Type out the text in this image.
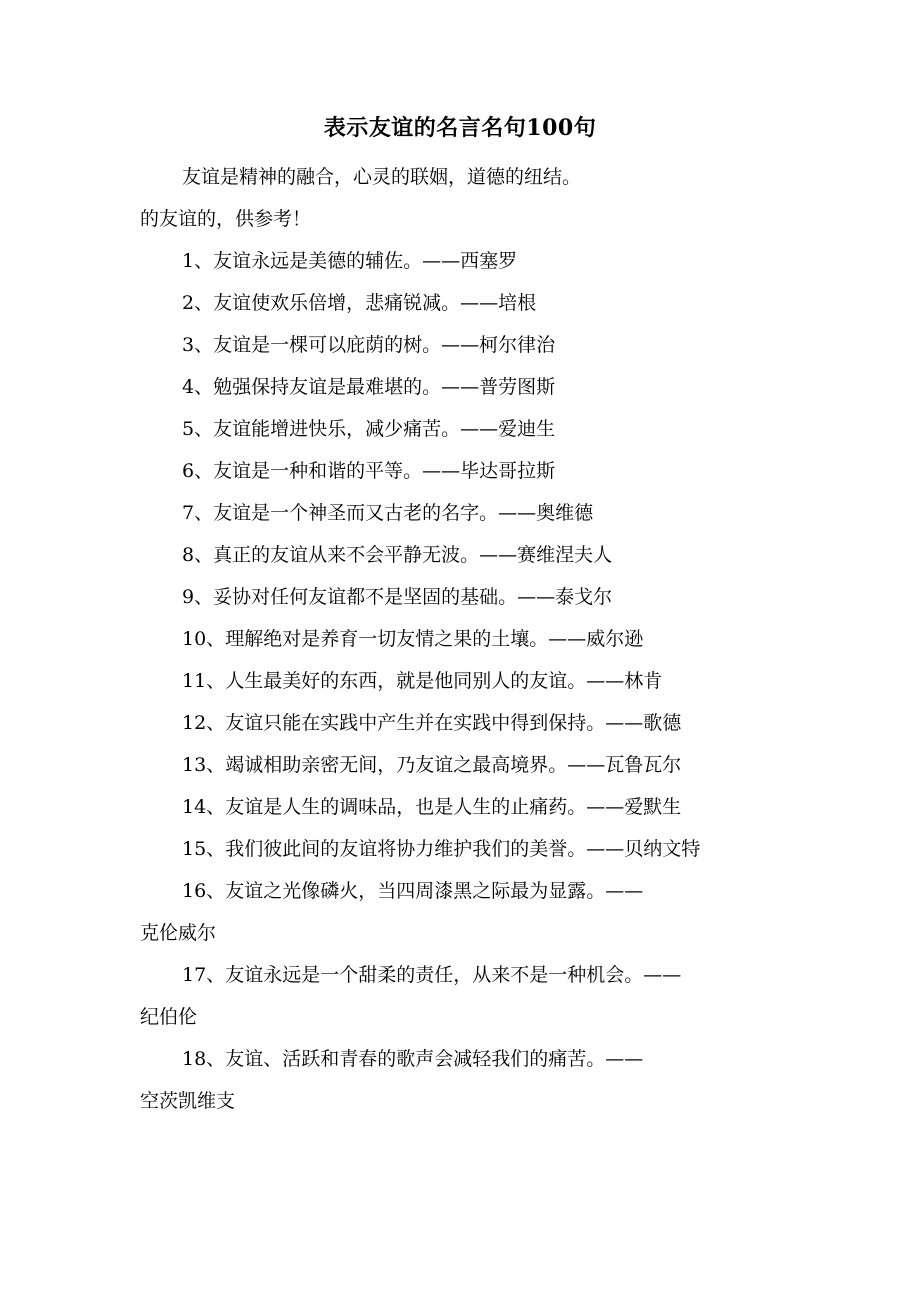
表示友谊的名言名句100句

友谊是精神的融合，心灵的联姻，道德的纽结。

的友谊的，供参考！

1、友谊永远是美德的辅佐。——西塞罗

2、友谊使欢乐倍增，悲痛锐减。——培根

3、友谊是一棵可以庇荫的树。——柯尔律治

4、勉强保持友谊是最难堪的。——普劳图斯

5、友谊能增进快乐，减少痛苦。——爱迪生

6、友谊是一种和谐的平等。——毕达哥拉斯

7、友谊是一个神圣而又古老的名字。——奥维德

8、真正的友谊从来不会平静无波。——赛维涅夫人

9、妥协对任何友谊都不是坚固的基础。——泰戈尔

10、理解绝对是养育一切友情之果的土壤。——威尔逊

11、人生最美好的东西，就是他同别人的友谊。——林肯

12、友谊只能在实践中产生并在实践中得到保持。——歌德

13、竭诚相助亲密无间，乃友谊之最高境界。——瓦鲁瓦尔

14、友谊是人生的调味品，也是人生的止痛药。——爱默生

15、我们彼此间的友谊将协力维护我们的美誉。——贝纳文特

16、友谊之光像磷火，当四周漆黑之际最为显露。——
克伦威尔

17、友谊永远是一个甜柔的责任，从来不是一种机会。——
纪伯伦

18、友谊、活跃和青春的歌声会减轻我们的痛苦。——
空茨凯维支
